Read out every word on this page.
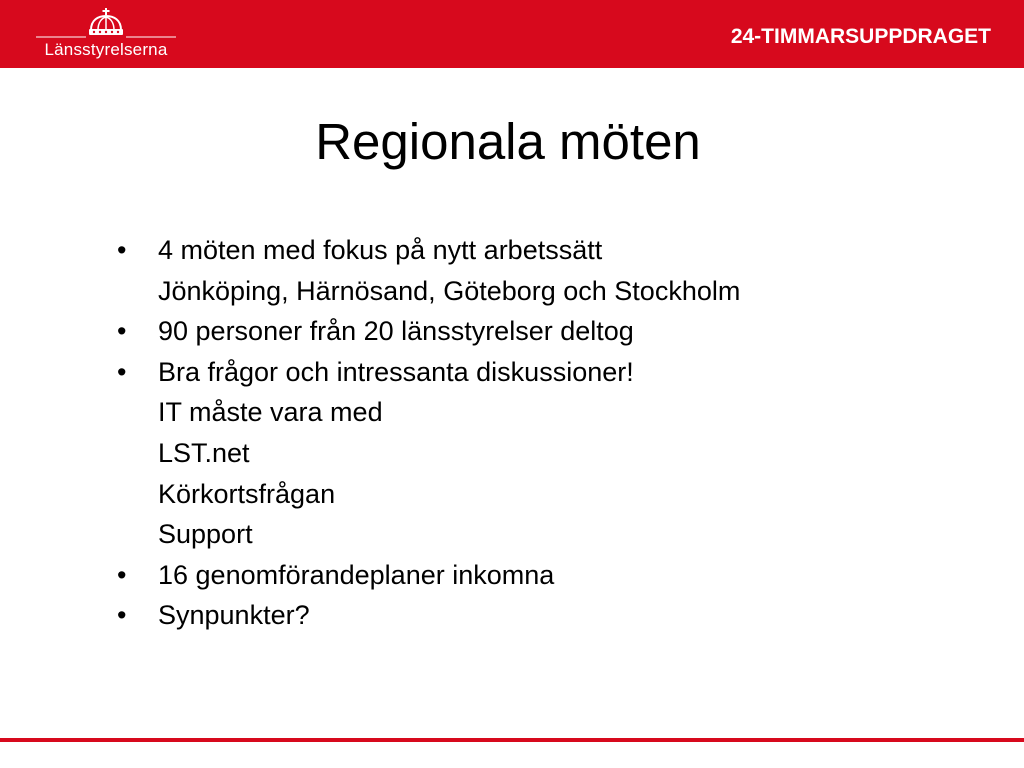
Länsstyrelserna
24-TIMMARSUPPDRAGET
Regionala möten
• 4 möten med fokus på nytt arbetssätt
Jönköping, Härnösand, Göteborg och Stockholm
• 90 personer från 20 länsstyrelser deltog
• Bra frågor och intressanta diskussioner!
IT måste vara med
LST.net
Körkortsfrågan
Support
• 16 genomförandeplaner inkomna
• Synpunkter?
